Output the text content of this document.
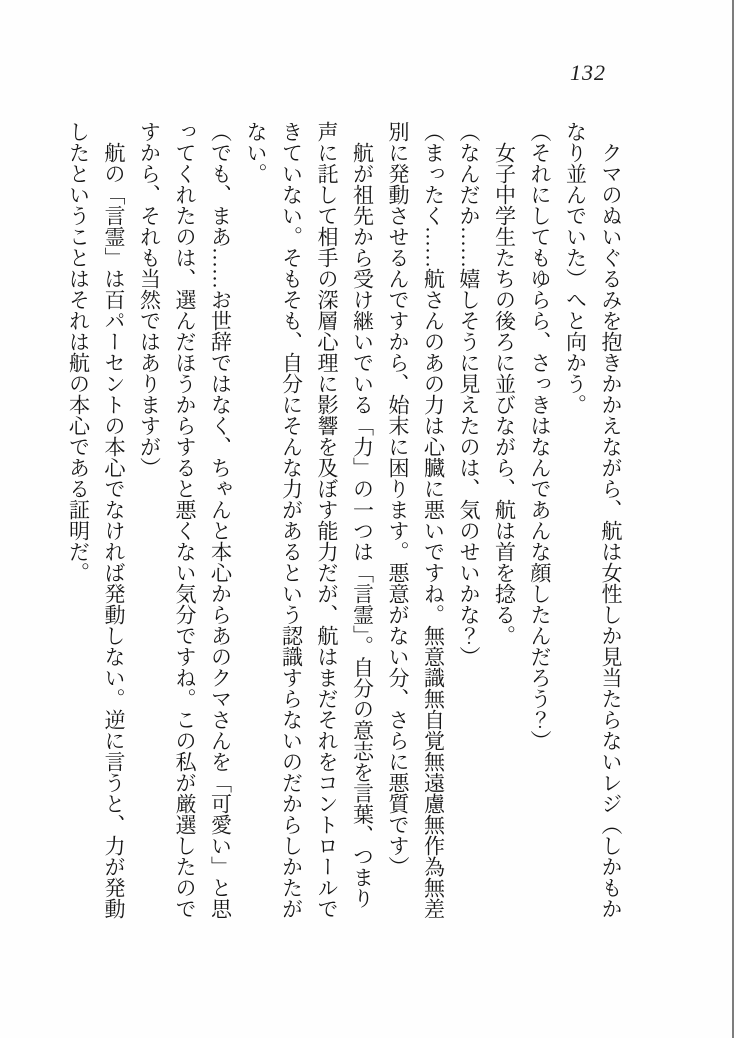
132

クマのぬいぐるみを抱きかかえながら、航は女性しか見当たらないレジ（しかもかなり並んでいた）へと向かう。

（それにしてもゆらら、さっきはなんであんな顔したんだろう？）

女子中学生たちの後ろに並びながら、航は首を捻る。

（なんだか……嬉しそうに見えたのは、気のせいかな？）

（まったく……航さんのあの力は心臓に悪いですね。無意識無自覚無遠慮無作為無差別に発動させるんですから、始末に困ります。悪意がない分、さらに悪質です）

航が祖先から受け継いでいる「力」の一つは「言霊」。自分の意志を言葉、つまり声に託して相手の深層心理に影響を及ぼす能力だが、航はまだそれをコントロールできていない。そもそも、自分にそんな力があるという認識すらないのだからしかたがない。

（でも、まあ……お世辞ではなく、ちゃんと本心からあのクマさんを「可愛い」と思ってくれたのは、選んだほうからすると悪くない気分ですね。この私が厳選したのですから、それも当然ではありますが）

航の「言霊」は百パーセントの本心でなければ発動しない。逆に言うと、力が発動したということはそれは航の本心である証明だ。
